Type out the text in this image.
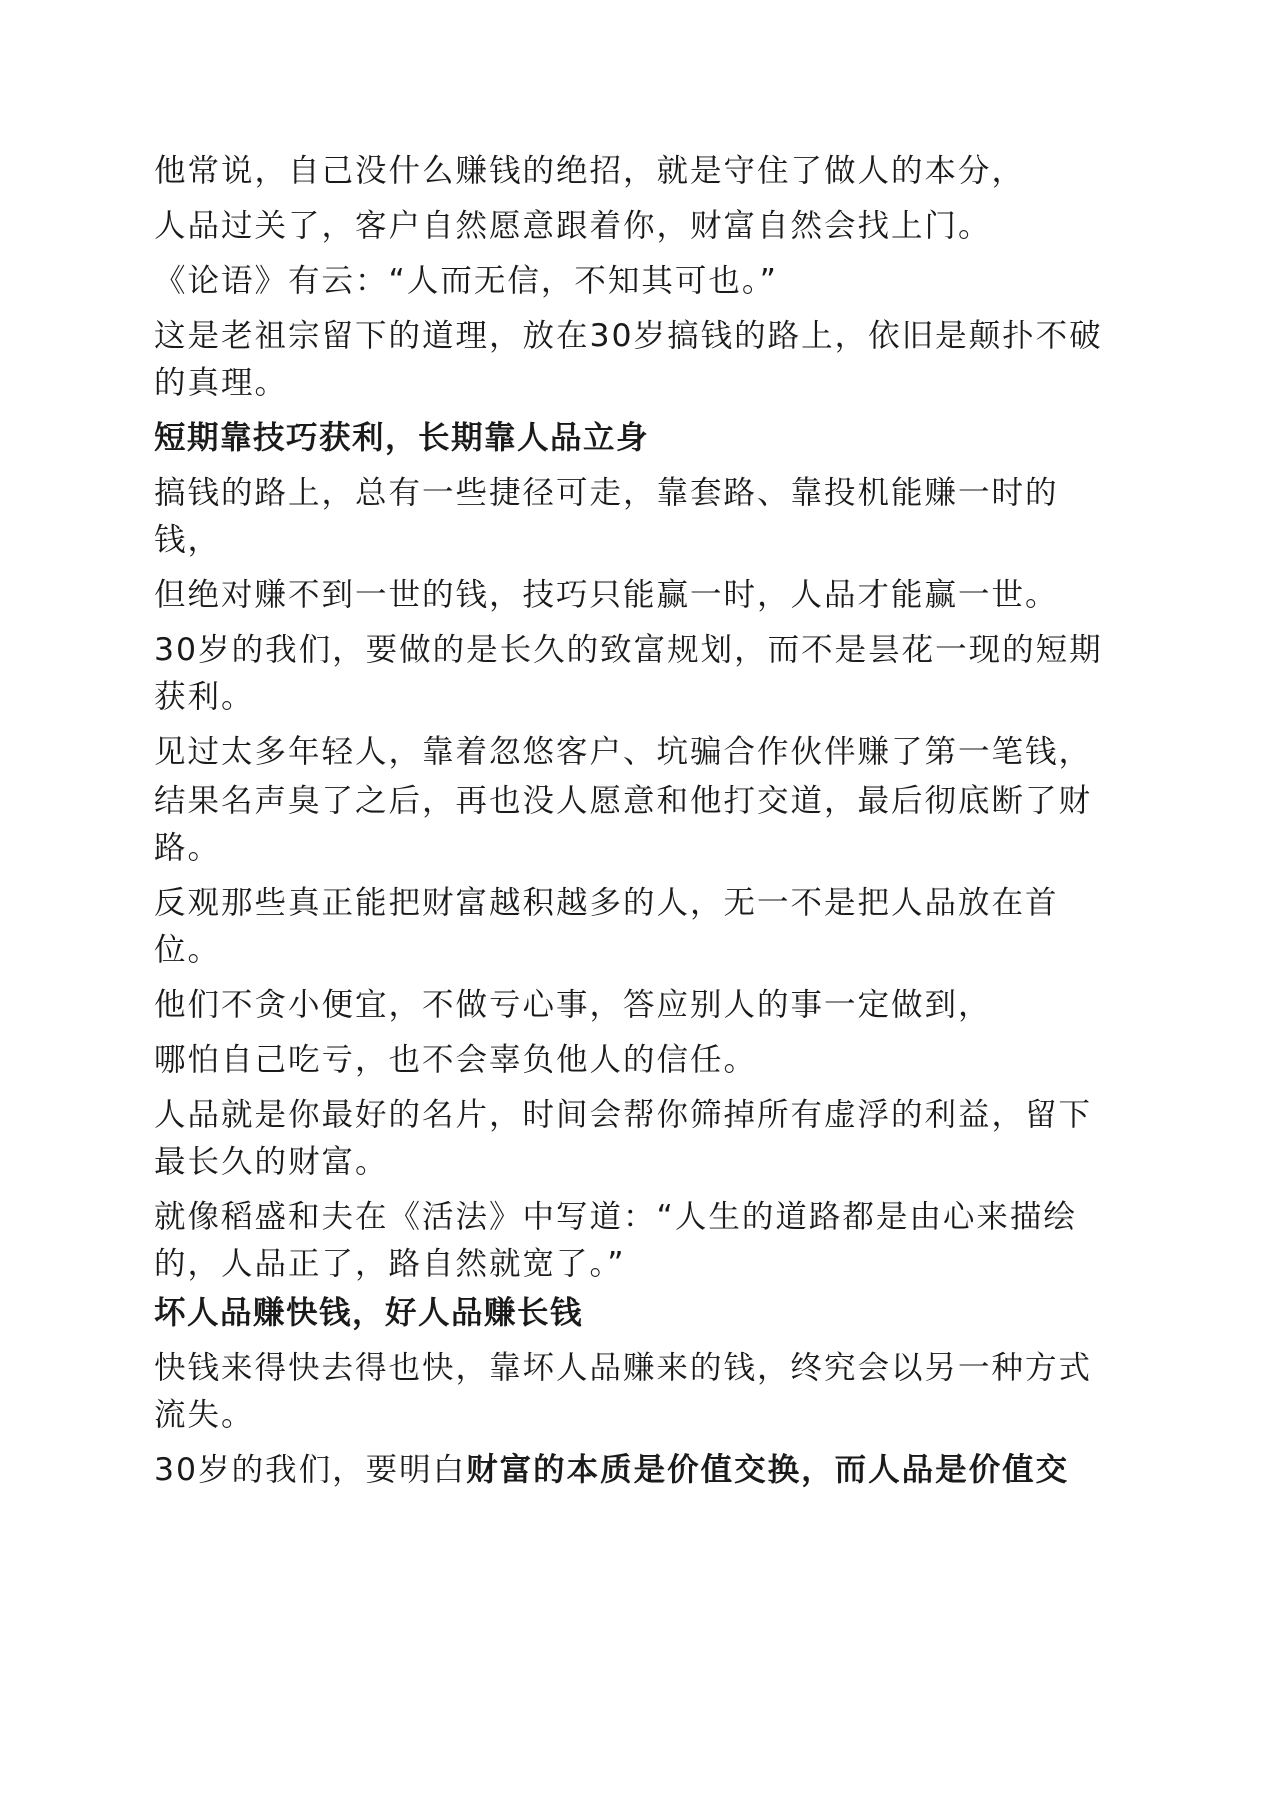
他常说，自己没什么赚钱的绝招，就是守住了做人的本分，

人品过关了，客户自然愿意跟着你，财富自然会找上门。

《论语》有云：“人而无信，不知其可也。”

这是老祖宗留下的道理，放在30岁搞钱的路上，依旧是颠扑不破的真理。

短期靠技巧获利，长期靠人品立身

搞钱的路上，总有一些捷径可走，靠套路、靠投机能赚一时的钱，

但绝对赚不到一世的钱，技巧只能赢一时，人品才能赢一世。

30岁的我们，要做的是长久的致富规划，而不是昙花一现的短期获利。

见过太多年轻人，靠着忽悠客户、坑骗合作伙伴赚了第一笔钱，

结果名声臭了之后，再也没人愿意和他打交道，最后彻底断了财路。

反观那些真正能把财富越积越多的人，无一不是把人品放在首位。

他们不贪小便宜，不做亏心事，答应别人的事一定做到，

哪怕自己吃亏，也不会辜负他人的信任。

人品就是你最好的名片，时间会帮你筛掉所有虚浮的利益，留下最长久的财富。

就像稻盛和夫在《活法》中写道：“人生的道路都是由心来描绘的，人品正了，路自然就宽了。”

坏人品赚快钱，好人品赚长钱

快钱来得快去得也快，靠坏人品赚来的钱，终究会以另一种方式流失。

30岁的我们，要明白财富的本质是价值交换，而人品是价值交
